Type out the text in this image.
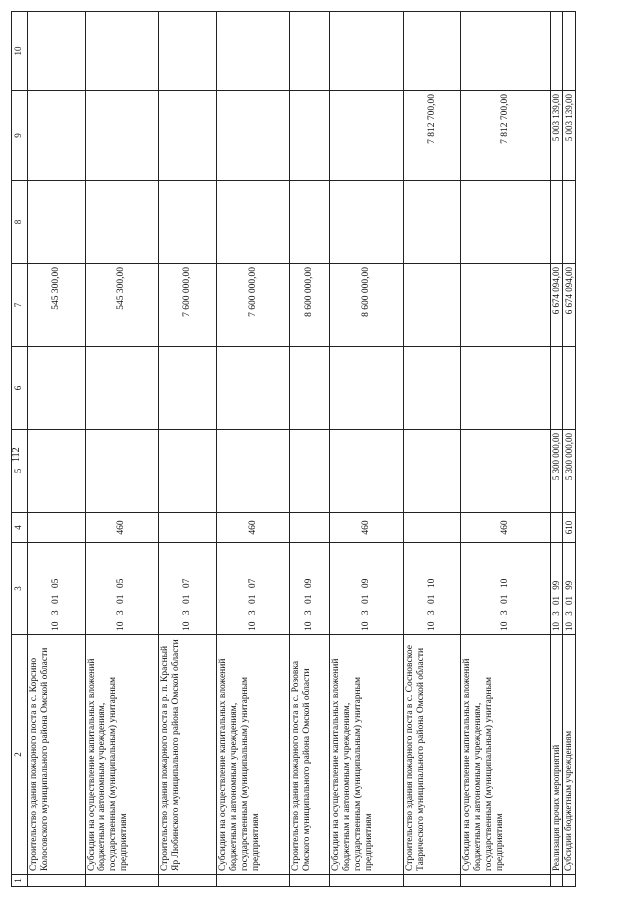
112
1	2	3	4	5	6	7	8	9	10
	Строительство здания пожарного поста в с. Корсино Колосовского муниципального района Омской области	10 3 01 05				545 300,00			
	Субсидии на осуществление капитальных вложений бюджетным и автономным учреждениям, государственным (муниципальным) унитарным предприятиям	10 3 01 05	460			545 300,00			
	Строительство здания пожарного поста в р. п. Красный Яр Любинского муниципального района Омской области	10 3 01 07				7 600 000,00			
	Субсидии на осуществление капитальных вложений бюджетным и автономным учреждениям, государственным (муниципальным) унитарным предприятиям	10 3 01 07	460			7 600 000,00			
	Строительство здания пожарного поста в с. Розовка Омского муниципального района Омской области	10 3 01 09				8 600 000,00			
	Субсидии на осуществление капитальных вложений бюджетным и автономным учреждениям, государственным (муниципальным) унитарным предприятиям	10 3 01 09	460			8 600 000,00			
	Строительство здания пожарного поста в с. Сосновское Таврического муниципального района Омской области	10 3 01 10						7 812 700,00	
	Субсидии на осуществление капитальных вложений бюджетным и автономным учреждениям, государственным (муниципальным) унитарным предприятиям	10 3 01 10	460					7 812 700,00	
	Реализация прочих мероприятий	10 3 01 99		5 300 000,00		6 674 094,00		5 003 139,00	
	Субсидии бюджетным учреждениям	10 3 01 99	610	5 300 000,00		6 674 094,00		5 003 139,00	
